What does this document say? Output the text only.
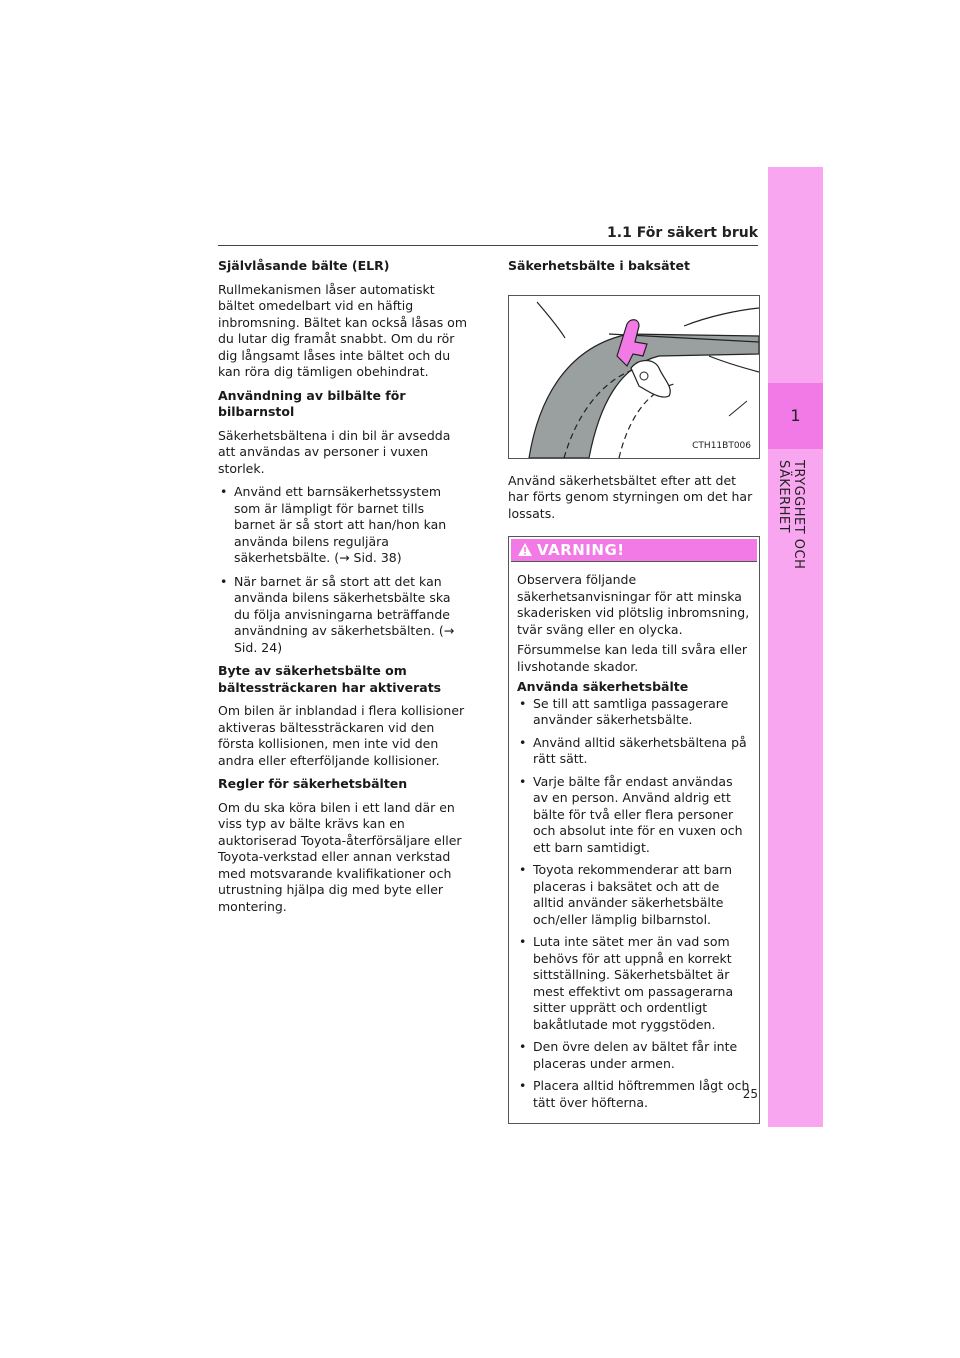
1
TRYGGHET OCH SÄKERHET
1.1 För säkert bruk
Självlåsande bälte (ELR)

Rullmekanismen låser automatiskt bältet omedelbart vid en häftig inbromsning. Bältet kan också låsas om du lutar dig framåt snabbt. Om du rör dig långsamt låses inte bältet och du kan röra dig tämligen obehindrat.

Användning av bilbälte för bilbarnstol

Säkerhetsbältena i din bil är avsedda att användas av personer i vuxen storlek.

• Använd ett barnsäkerhetssystem som är lämpligt för barnet tills barnet är så stort att han/hon kan använda bilens reguljära säkerhetsbälte. (→ Sid. 38)
• När barnet är så stort att det kan använda bilens säkerhetsbälte ska du följa anvisningarna beträffande användning av säkerhetsbälten. (→ Sid. 24)
Byte av säkerhetsbälte om bältessträckaren har aktiverats

Om bilen är inblandad i flera kollisioner aktiveras bältessträckaren vid den första kollisionen, men inte vid den andra eller efterföljande kollisioner.

Regler för säkerhetsbälten

Om du ska köra bilen i ett land där en viss typ av bälte krävs kan en auktoriserad Toyota-återförsäljare eller Toyota-verkstad eller annan verkstad med motsvarande kvalifikationer och utrustning hjälpa dig med byte eller montering.

Säkerhetsbälte i baksätet
CTH11BT006

Använd säkerhetsbältet efter att det har förts genom styrningen om det har lossats.

VARNING!

Observera följande säkerhetsanvisningar för att minska skaderisken vid plötslig inbromsning, tvär sväng eller en olycka.

Försummelse kan leda till svåra eller livshotande skador.

Använda säkerhetsbälte
• Se till att samtliga passagerare använder säkerhetsbälte.
• Använd alltid säkerhetsbältena på rätt sätt.
• Varje bälte får endast användas av en person. Använd aldrig ett bälte för två eller flera personer och absolut inte för en vuxen och ett barn samtidigt.
• Toyota rekommenderar att barn placeras i baksätet och att de alltid använder säkerhetsbälte och/eller lämplig bilbarnstol.
• Luta inte sätet mer än vad som behövs för att uppnå en korrekt sittställning. Säkerhetsbältet är mest effektivt om passagerarna sitter upprätt och ordentligt bakåtlutade mot ryggstöden.
• Den övre delen av bältet får inte placeras under armen.
• Placera alltid höftremmen lågt och tätt över höfterna.
25
